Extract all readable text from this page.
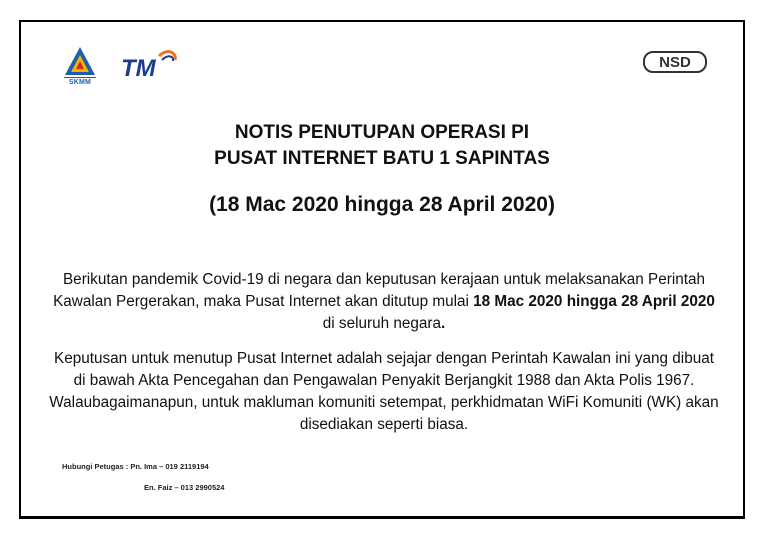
SKMM
TM	NSD

NOTIS PENUTUPAN OPERASI PI

PUSAT INTERNET BATU 1 SAPINTAS

(18 Mac 2020 hingga 28 April 2020)

Berikutan pandemik Covid-19 di negara dan keputusan kerajaan untuk melaksanakan Perintah Kawalan Pergerakan, maka Pusat Internet akan ditutup mulai 18 Mac 2020 hingga 28 April 2020 di seluruh negara.

Keputusan untuk menutup Pusat Internet adalah sejajar dengan Perintah Kawalan ini yang dibuat di bawah Akta Pencegahan dan Pengawalan Penyakit Berjangkit 1988 dan Akta Polis 1967. Walaubagaimanapun, untuk makluman komuniti setempat, perkhidmatan WiFi Komuniti (WK) akan disediakan seperti biasa.

Hubungi Petugas : Pn. Ima – 019 2119194

En. Faiz – 013 2990524
